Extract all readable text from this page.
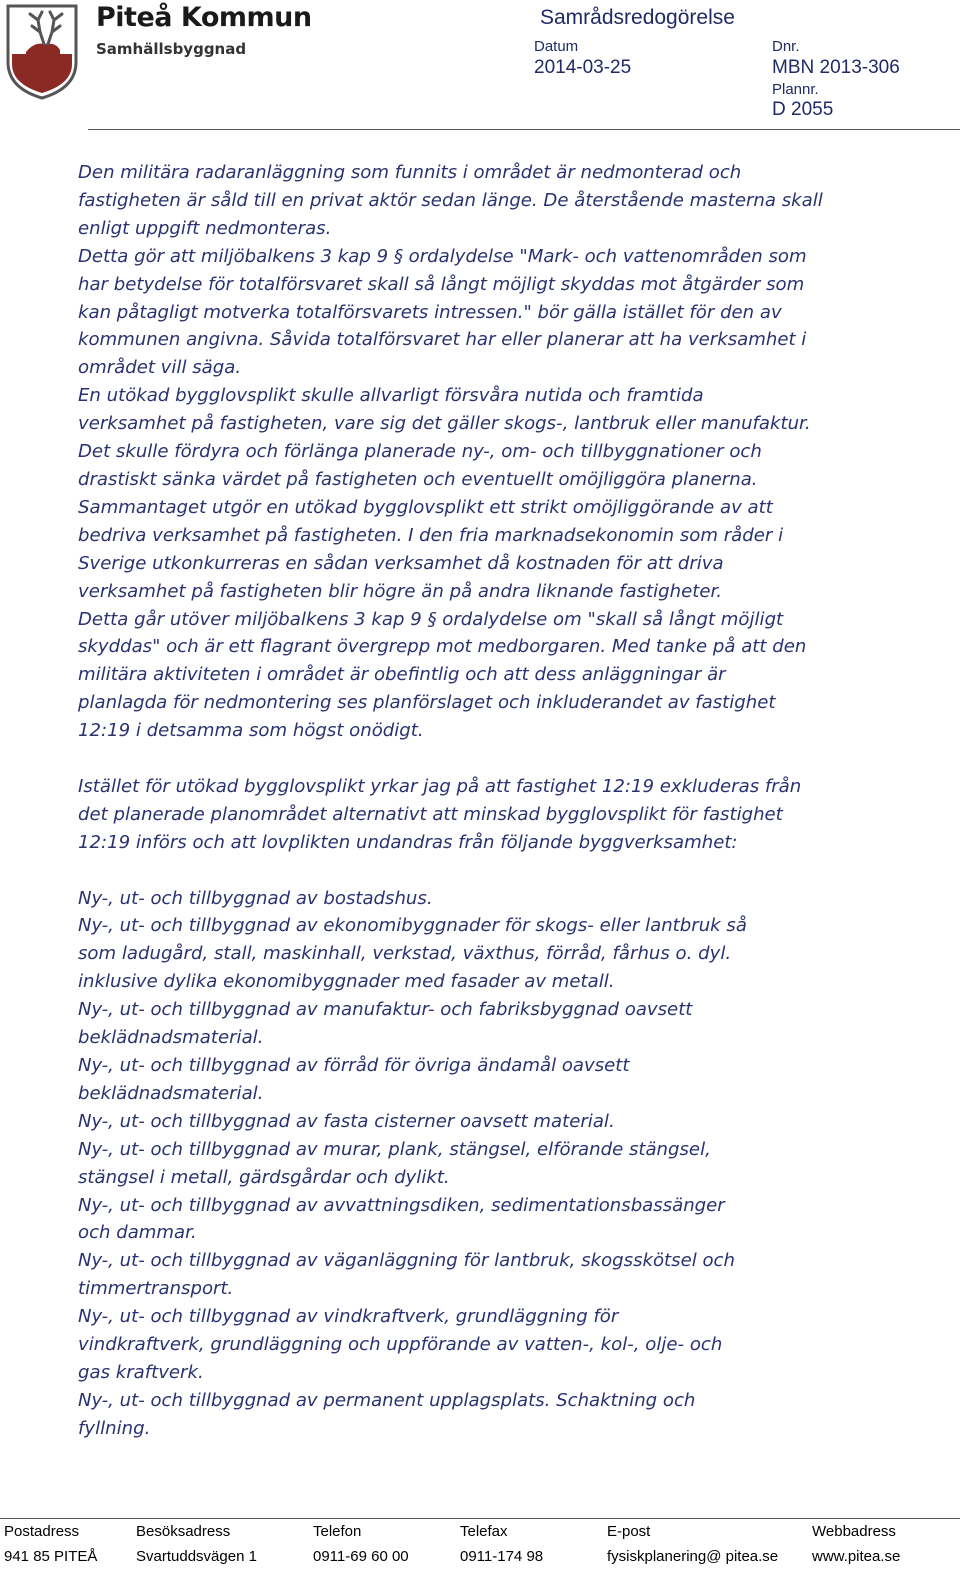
Piteå Kommun
Samhällsbyggnad
Samrådsredogörelse
Datum
2014-03-25
Dnr.
MBN 2013-306
Plannr.
D 2055

Den militära radaranläggning som funnits i området är nedmonterad och

fastigheten är såld till en privat aktör sedan länge. De återstående masterna skall

enligt uppgift nedmonteras.

Detta gör att miljöbalkens 3 kap 9 § ordalydelse "Mark- och vattenområden som

har betydelse för totalförsvaret skall så långt möjligt skyddas mot åtgärder som

kan påtagligt motverka totalförsvarets intressen." bör gälla istället för den av

kommunen angivna. Såvida totalförsvaret har eller planerar att ha verksamhet i

området vill säga.

En utökad bygglovsplikt skulle allvarligt försvåra nutida och framtida

verksamhet på fastigheten, vare sig det gäller skogs-, lantbruk eller manufaktur.

Det skulle fördyra och förlänga planerade ny-, om- och tillbyggnationer och

drastiskt sänka värdet på fastigheten och eventuellt omöjliggöra planerna.

Sammantaget utgör en utökad bygglovsplikt ett strikt omöjliggörande av att

bedriva verksamhet på fastigheten. I den fria marknadsekonomin som råder i

Sverige utkonkurreras en sådan verksamhet då kostnaden för att driva

verksamhet på fastigheten blir högre än på andra liknande fastigheter.

Detta går utöver miljöbalkens 3 kap 9 § ordalydelse om "skall så långt möjligt

skyddas" och är ett flagrant övergrepp mot medborgaren. Med tanke på att den

militära aktiviteten i området är obefintlig och att dess anläggningar är

planlagda för nedmontering ses planförslaget och inkluderandet av fastighet

12:19 i detsamma som högst onödigt.

Istället för utökad bygglovsplikt yrkar jag på att fastighet 12:19 exkluderas från

det planerade planområdet alternativt att minskad bygglovsplikt för fastighet

12:19 införs och att lovplikten undandras från följande byggverksamhet:

Ny-, ut- och tillbyggnad av bostadshus.

Ny-, ut- och tillbyggnad av ekonomibyggnader för skogs- eller lantbruk så

som ladugård, stall, maskinhall, verkstad, växthus, förråd, fårhus o. dyl.

inklusive dylika ekonomibyggnader med fasader av metall.

Ny-, ut- och tillbyggnad av manufaktur- och fabriksbyggnad oavsett

beklädnadsmaterial.

Ny-, ut- och tillbyggnad av förråd för övriga ändamål oavsett

beklädnadsmaterial.

Ny-, ut- och tillbyggnad av fasta cisterner oavsett material.

Ny-, ut- och tillbyggnad av murar, plank, stängsel, elförande stängsel,

stängsel i metall, gärdsgårdar och dylikt.

Ny-, ut- och tillbyggnad av avvattningsdiken, sedimentationsbassänger

och dammar.

Ny-, ut- och tillbyggnad av väganläggning för lantbruk, skogsskötsel och

timmertransport.

Ny-, ut- och tillbyggnad av vindkraftverk, grundläggning för

vindkraftverk, grundläggning och uppförande av vatten-, kol-, olje- och

gas kraftverk.

Ny-, ut- och tillbyggnad av permanent upplagsplats. Schaktning och

fyllning.

Postadress
941 85 PITEÅ
Besöksadress
Svartuddsvägen 1
Telefon
0911-69 60 00
Telefax
0911-174 98
E-post
fysiskplanering@ pitea.se
Webbadress
www.pitea.se
